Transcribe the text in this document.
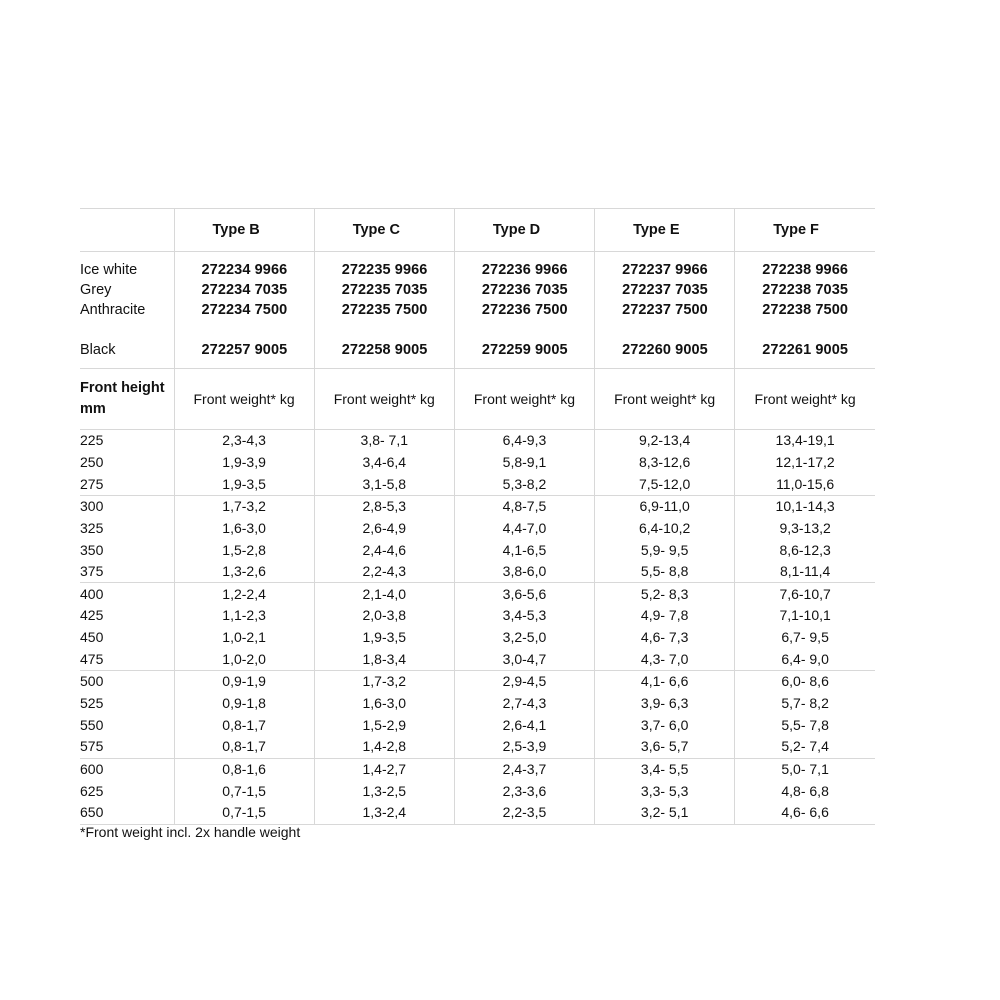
	Type B	Type C	Type D	Type E	Type F
Ice white	272234 9966	272235 9966	272236 9966	272237 9966	272238 9966
Grey	272234 7035	272235 7035	272236 7035	272237 7035	272238 7035
Anthracite	272234 7500	272235 7500	272236 7500	272237 7500	272238 7500

Black	272257 9005	272258 9005	272259 9005	272260 9005	272261 9005
Front height mm	Front weight* kg	Front weight* kg	Front weight* kg	Front weight* kg	Front weight* kg
225	2,3-4,3	3,8- 7,1	6,4-9,3	9,2-13,4	13,4-19,1
250	1,9-3,9	3,4-6,4	5,8-9,1	8,3-12,6	12,1-17,2
275	1,9-3,5	3,1-5,8	5,3-8,2	7,5-12,0	11,0-15,6
300	1,7-3,2	2,8-5,3	4,8-7,5	6,9-11,0	10,1-14,3
325	1,6-3,0	2,6-4,9	4,4-7,0	6,4-10,2	9,3-13,2
350	1,5-2,8	2,4-4,6	4,1-6,5	5,9- 9,5	8,6-12,3
375	1,3-2,6	2,2-4,3	3,8-6,0	5,5- 8,8	8,1-11,4
400	1,2-2,4	2,1-4,0	3,6-5,6	5,2- 8,3	7,6-10,7
425	1,1-2,3	2,0-3,8	3,4-5,3	4,9- 7,8	7,1-10,1
450	1,0-2,1	1,9-3,5	3,2-5,0	4,6- 7,3	6,7- 9,5
475	1,0-2,0	1,8-3,4	3,0-4,7	4,3- 7,0	6,4- 9,0
500	0,9-1,9	1,7-3,2	2,9-4,5	4,1- 6,6	6,0- 8,6
525	0,9-1,8	1,6-3,0	2,7-4,3	3,9- 6,3	5,7- 8,2
550	0,8-1,7	1,5-2,9	2,6-4,1	3,7- 6,0	5,5- 7,8
575	0,8-1,7	1,4-2,8	2,5-3,9	3,6- 5,7	5,2- 7,4
600	0,8-1,6	1,4-2,7	2,4-3,7	3,4- 5,5	5,0- 7,1
625	0,7-1,5	1,3-2,5	2,3-3,6	3,3- 5,3	4,8- 6,8
650	0,7-1,5	1,3-2,4	2,2-3,5	3,2- 5,1	4,6- 6,6
*Front weight incl. 2x handle weight
